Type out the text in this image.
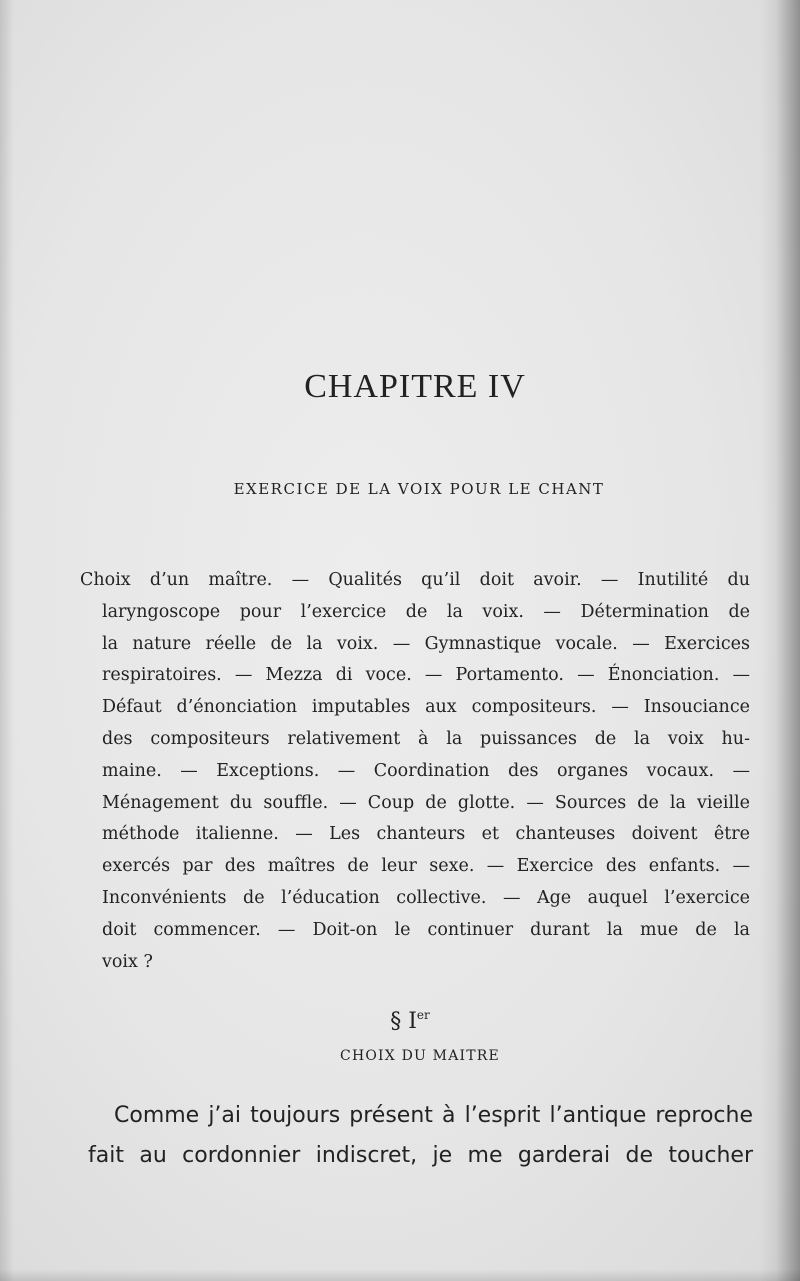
CHAPITRE IV
EXERCICE DE LA VOIX POUR LE CHANT
Choix d’un maître. — Qualités qu’il doit avoir. — Inutilité du
laryngoscope pour l’exercice de la voix. — Détermination de
la nature réelle de la voix. — Gymnastique vocale. — Exercices
respiratoires. — Mezza di voce. — Portamento. — Énonciation. —
Défaut d’énonciation imputables aux compositeurs. — Insouciance
des compositeurs relativement à la puissances de la voix hu-
maine. — Exceptions. — Coordination des organes vocaux. —
Ménagement du souffle. — Coup de glotte. — Sources de la vieille
méthode italienne. — Les chanteurs et chanteuses doivent être
exercés par des maîtres de leur sexe. — Exercice des enfants. —
Inconvénients de l’éducation collective. — Age auquel l’exercice
doit commencer. — Doit-on le continuer durant la mue de la
voix ?
§ Ier
CHOIX DU MAITRE
Comme j’ai toujours présent à l’esprit l’antique reproche
fait au cordonnier indiscret, je me garderai de toucher
